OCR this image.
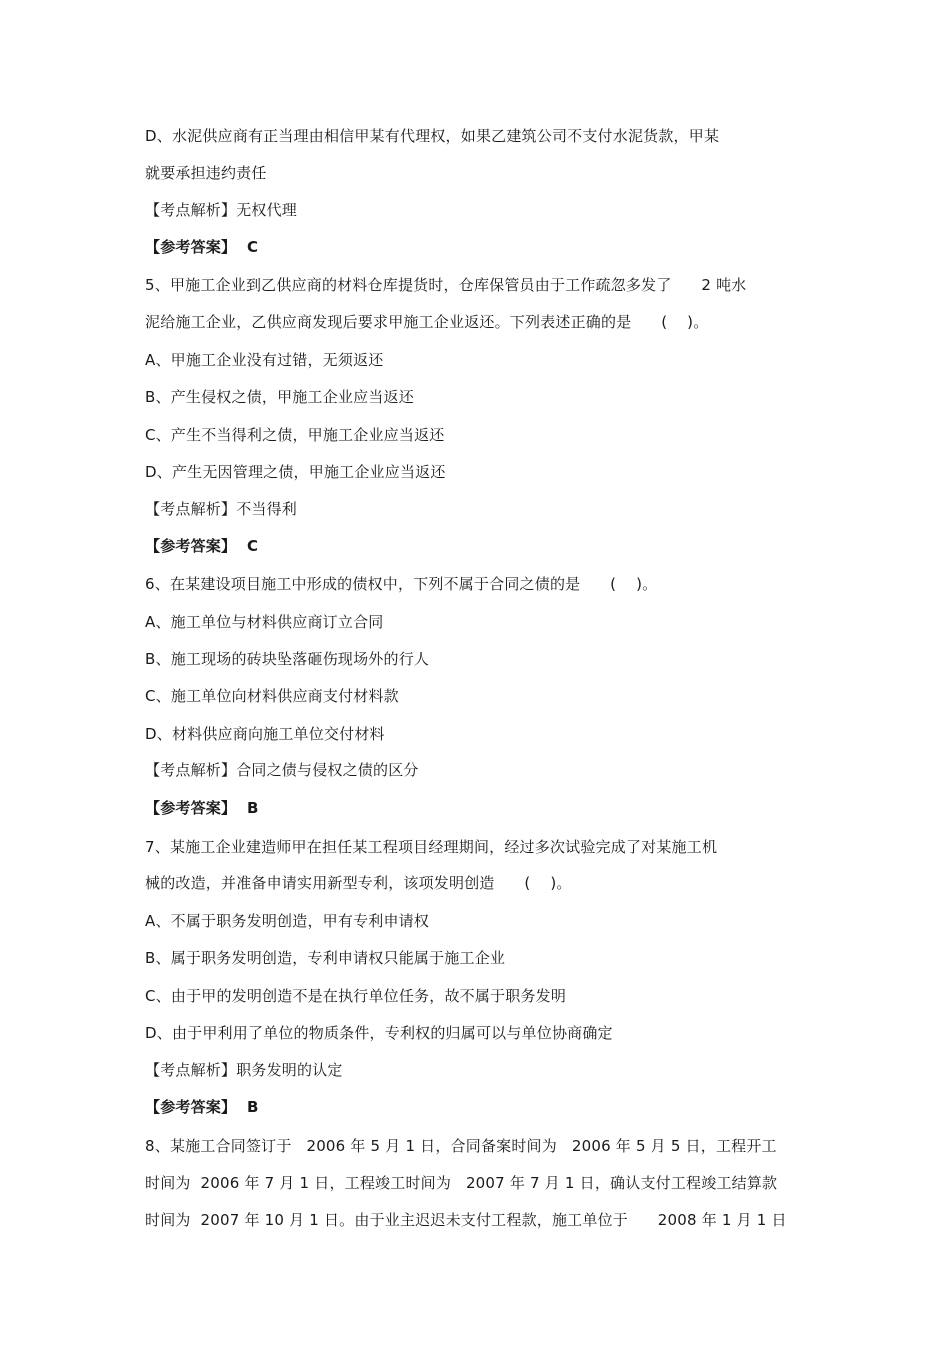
D、水泥供应商有正当理由相信甲某有代理权，如果乙建筑公司不支付水泥货款，甲某
就要承担违约责任
【考点解析】无权代理
【参考答案】  C
5、甲施工企业到乙供应商的材料仓库提货时，仓库保管员由于工作疏忽多发了      2 吨水
泥给施工企业，乙供应商发现后要求甲施工企业返还。下列表述正确的是      (    )。
A、甲施工企业没有过错，无须返还
B、产生侵权之债，甲施工企业应当返还
C、产生不当得利之债，甲施工企业应当返还
D、产生无因管理之债，甲施工企业应当返还
【考点解析】不当得利
【参考答案】  C
6、在某建设项目施工中形成的债权中，下列不属于合同之债的是      (    )。
A、施工单位与材料供应商订立合同
B、施工现场的砖块坠落砸伤现场外的行人
C、施工单位向材料供应商支付材料款
D、材料供应商向施工单位交付材料
【考点解析】合同之债与侵权之债的区分
【参考答案】  B
7、某施工企业建造师甲在担任某工程项目经理期间，经过多次试验完成了对某施工机
械的改造，并准备申请实用新型专利，该项发明创造      (    )。
A、不属于职务发明创造，甲有专利申请权
B、属于职务发明创造，专利申请权只能属于施工企业
C、由于甲的发明创造不是在执行单位任务，故不属于职务发明
D、由于甲利用了单位的物质条件，专利权的归属可以与单位协商确定
【考点解析】职务发明的认定
【参考答案】  B
8、某施工合同签订于   2006 年 5 月 1 日，合同备案时间为   2006 年 5 月 5 日，工程开工
时间为  2006 年 7 月 1 日，工程竣工时间为   2007 年 7 月 1 日，确认支付工程竣工结算款
时间为  2007 年 10 月 1 日。由于业主迟迟未支付工程款，施工单位于      2008 年 1 月 1 日
